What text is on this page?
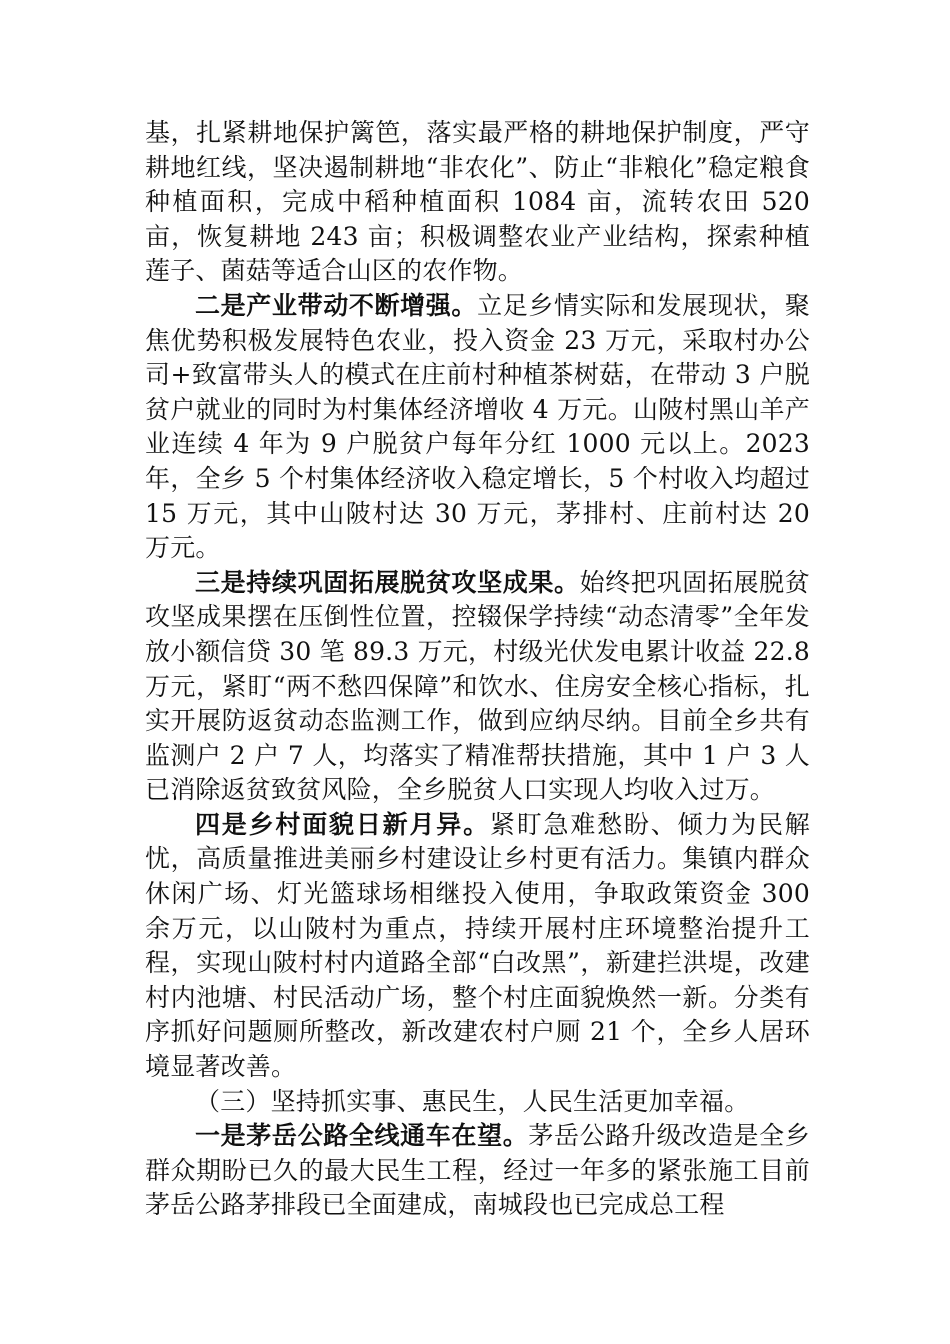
基，扎紧耕地保护篱笆，落实最严格的耕地保护制度，严守耕地红线，坚决遏制耕地“非农化”、防止“非粮化”稳定粮食种植面积，完成中稻种植面积 1084 亩，流转农田 520 亩，恢复耕地 243 亩；积极调整农业产业结构，探索种植莲子、菌菇等适合山区的农作物。

二是产业带动不断增强。立足乡情实际和发展现状，聚焦优势积极发展特色农业，投入资金 23 万元，采取村办公司+致富带头人的模式在庄前村种植茶树菇，在带动 3 户脱贫户就业的同时为村集体经济增收 4 万元。山陂村黑山羊产业连续 4 年为 9 户脱贫户每年分红 1000 元以上。2023 年，全乡 5 个村集体经济收入稳定增长，5 个村收入均超过 15 万元，其中山陂村达 30 万元，茅排村、庄前村达 20 万元。

三是持续巩固拓展脱贫攻坚成果。始终把巩固拓展脱贫攻坚成果摆在压倒性位置，控辍保学持续“动态清零”全年发放小额信贷 30 笔 89.3 万元，村级光伏发电累计收益 22.8 万元，紧盯“两不愁四保障”和饮水、住房安全核心指标，扎实开展防返贫动态监测工作，做到应纳尽纳。目前全乡共有监测户 2 户 7 人，均落实了精准帮扶措施，其中 1 户 3 人已消除返贫致贫风险，全乡脱贫人口实现人均收入过万。

四是乡村面貌日新月异。紧盯急难愁盼、倾力为民解忧，高质量推进美丽乡村建设让乡村更有活力。集镇内群众休闲广场、灯光篮球场相继投入使用，争取政策资金 300 余万元，以山陂村为重点，持续开展村庄环境整治提升工程，实现山陂村村内道路全部“白改黑”，新建拦洪堤，改建村内池塘、村民活动广场，整个村庄面貌焕然一新。分类有序抓好问题厕所整改，新改建农村户厕 21 个，全乡人居环境显著改善。

（三）坚持抓实事、惠民生，人民生活更加幸福。

一是茅岳公路全线通车在望。茅岳公路升级改造是全乡群众期盼已久的最大民生工程，经过一年多的紧张施工目前茅岳公路茅排段已全面建成，南城段也已完成总工程
